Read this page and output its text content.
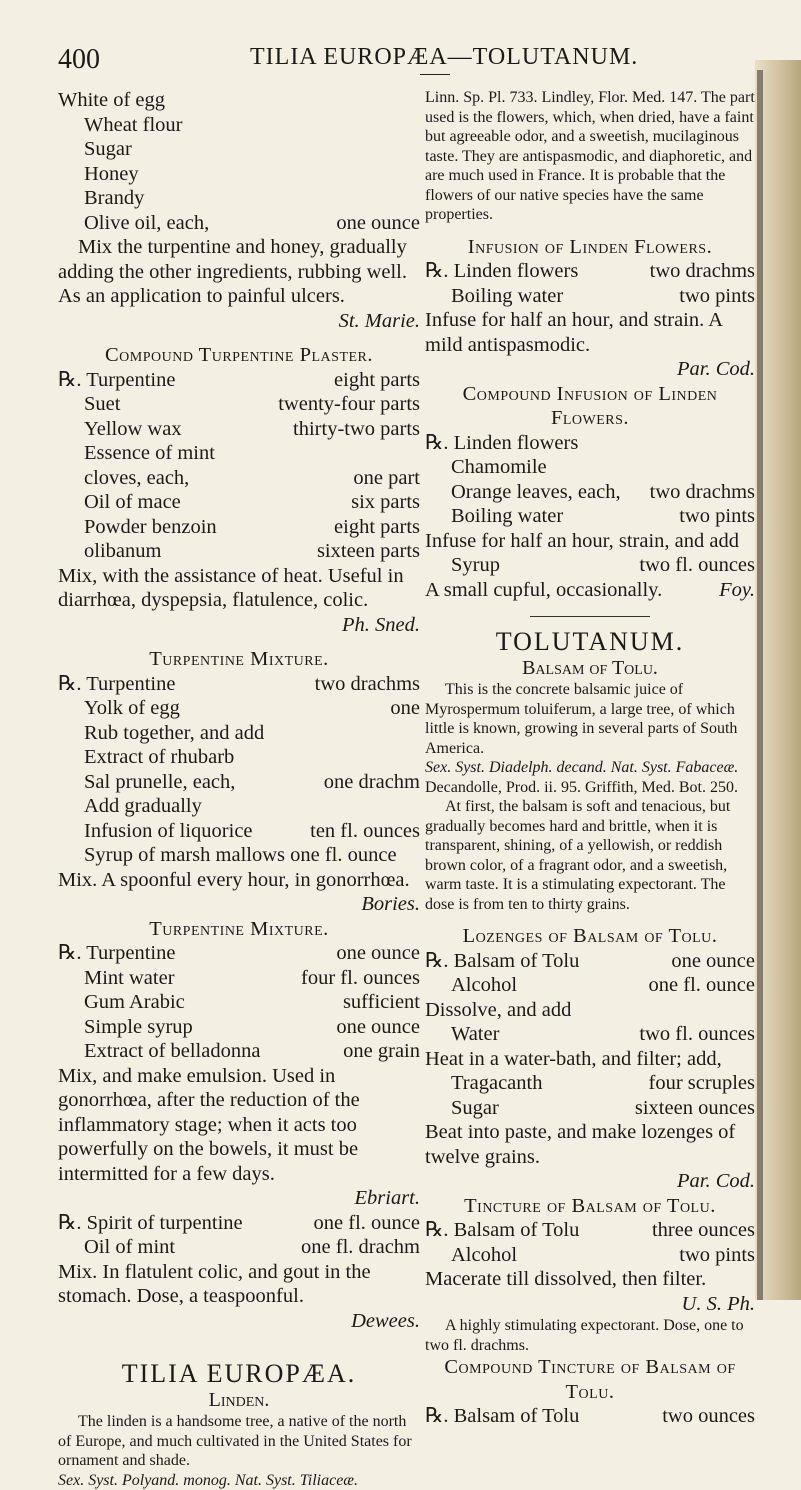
400	TILIA EUROPÆA—TOLUTANUM.
White of egg
Wheat flour
Sugar
Honey
Brandy
Olive oil, each,	one ounce
Mix the turpentine and honey, gradually adding the other ingredients, rubbing well. As an application to painful ulcers.
St. Marie.
Compound Turpentine Plaster.
℞. Turpentine	eight parts
Suet	twenty-four parts
Yellow wax	thirty-two parts
Essence of mint
cloves, each,	one part
Oil of mace	six parts
Powder benzoin	eight parts
olibanum	sixteen parts
Mix, with the assistance of heat. Useful in diarrhœa, dyspepsia, flatulence, colic.
Ph. Sned.
Turpentine Mixture.
℞. Turpentine	two drachms
Yolk of egg	one
Rub together, and add
Extract of rhubarb
Sal prunelle, each,	one drachm
Add gradually
Infusion of liquorice	ten fl. ounces
Syrup of marsh mallows one fl. ounce
Mix. A spoonful every hour, in gonorrhœa.
Bories.
Turpentine Mixture.
℞. Turpentine	one ounce
Mint water	four fl. ounces
Gum Arabic	sufficient
Simple syrup	one ounce
Extract of belladonna	one grain
Mix, and make emulsion. Used in gonorrhœa, after the reduction of the inflammatory stage; when it acts too powerfully on the bowels, it must be intermitted for a few days.
Ebriart.
℞. Spirit of turpentine	one fl. ounce
Oil of mint	one fl. drachm
Mix. In flatulent colic, and gout in the stomach. Dose, a teaspoonful.
Dewees.
TILIA EUROPÆA.
Linden.
The linden is a handsome tree, a native of the north of Europe, and much cultivated in the United States for ornament and shade.
Sex. Syst. Polyand. monog. Nat. Syst. Tiliaceæ.
Linn. Sp. Pl. 733. Lindley, Flor. Med. 147. The part used is the flowers, which, when dried, have a faint but agreeable odor, and a sweetish, mucilaginous taste. They are antispasmodic, and diaphoretic, and are much used in France. It is probable that the flowers of our native species have the same properties.
Infusion of Linden Flowers.
℞. Linden flowers	two drachms
Boiling water	two pints
Infuse for half an hour, and strain. A mild antispasmodic.
Par. Cod.
Compound Infusion of Linden Flowers.
℞. Linden flowers
Chamomile
Orange leaves, each, two drachms
Boiling water	two pints
Infuse for half an hour, strain, and add
Syrup	two fl. ounces
A small cupful, occasionally.	Foy.
TOLUTANUM.
Balsam of Tolu.
This is the concrete balsamic juice of Myrospermum toluiferum, a large tree, of which little is known, growing in several parts of South America.
Sex. Syst. Diadelph. decand. Nat. Syst. Fabaceæ.
Decandolle, Prod. ii. 95. Griffith, Med. Bot. 250.
At first, the balsam is soft and tenacious, but gradually becomes hard and brittle, when it is transparent, shining, of a yellowish, or reddish brown color, of a fragrant odor, and a sweetish, warm taste. It is a stimulating expectorant. The dose is from ten to thirty grains.
Lozenges of Balsam of Tolu.
℞. Balsam of Tolu	one ounce
Alcohol	one fl. ounce
Dissolve, and add
Water	two fl. ounces
Heat in a water-bath, and filter; add,
Tragacanth	four scruples
Sugar	sixteen ounces
Beat into paste, and make lozenges of twelve grains.
Par. Cod.
Tincture of Balsam of Tolu.
℞. Balsam of Tolu	three ounces
Alcohol	two pints
Macerate till dissolved, then filter.
U. S. Ph.
A highly stimulating expectorant. Dose, one to two fl. drachms.
Compound Tincture of Balsam of Tolu.
℞. Balsam of Tolu	two ounces
